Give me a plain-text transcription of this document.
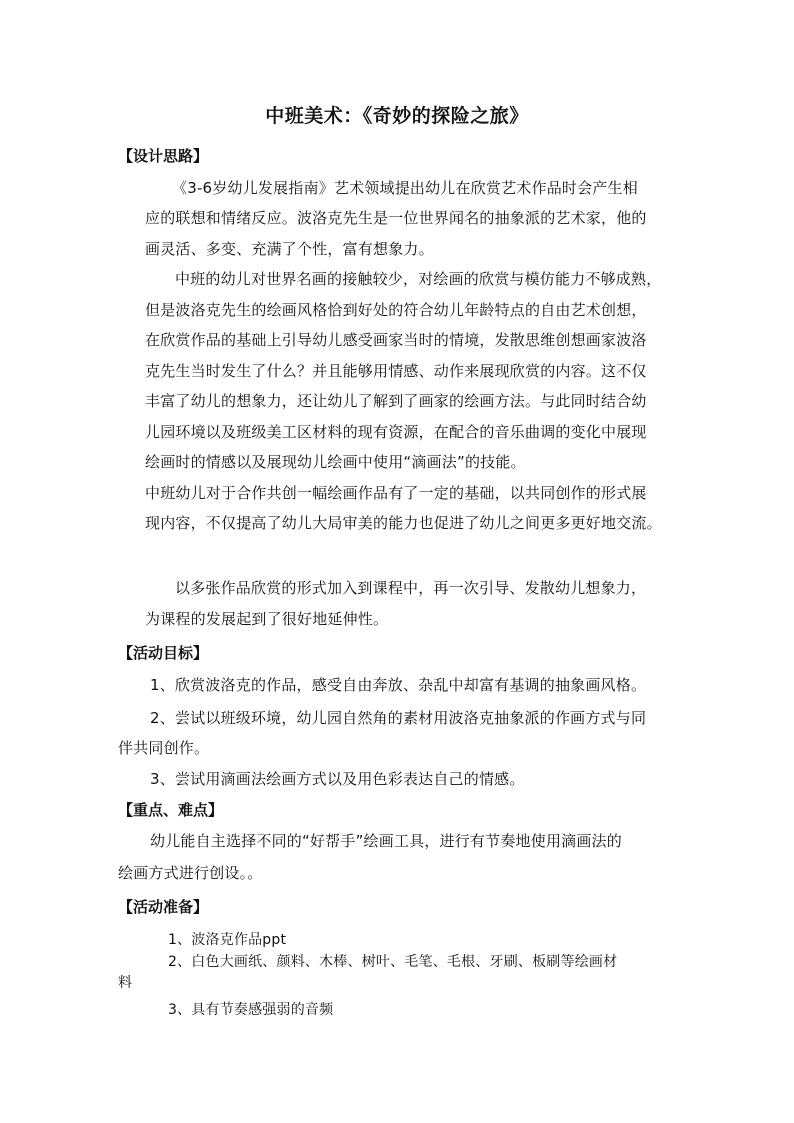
中班美术：《奇妙的探险之旅》
【设计思路】
《3-6岁幼儿发展指南》艺术领域提出幼儿在欣赏艺术作品时会产生相
应的联想和情绪反应。波洛克先生是一位世界闻名的抽象派的艺术家，他的
画灵活、多变、充满了个性，富有想象力。
中班的幼儿对世界名画的接触较少，对绘画的欣赏与模仿能力不够成熟，
但是波洛克先生的绘画风格恰到好处的符合幼儿年龄特点的自由艺术创想，
在欣赏作品的基础上引导幼儿感受画家当时的情境，发散思维创想画家波洛
克先生当时发生了什么？并且能够用情感、动作来展现欣赏的内容。这不仅
丰富了幼儿的想象力，还让幼儿了解到了画家的绘画方法。与此同时结合幼
儿园环境以及班级美工区材料的现有资源，在配合的音乐曲调的变化中展现
绘画时的情感以及展现幼儿绘画中使用“滴画法”的技能。
中班幼儿对于合作共创一幅绘画作品有了一定的基础，以共同创作的形式展
现内容，不仅提高了幼儿大局审美的能力也促进了幼儿之间更多更好地交流。
以多张作品欣赏的形式加入到课程中，再一次引导、发散幼儿想象力，
为课程的发展起到了很好地延伸性。
【活动目标】
1、欣赏波洛克的作品，感受自由奔放、杂乱中却富有基调的抽象画风格。
2、尝试以班级环境，幼儿园自然角的素材用波洛克抽象派的作画方式与同
伴共同创作。
3、尝试用滴画法绘画方式以及用色彩表达自己的情感。
【重点、难点】
幼儿能自主选择不同的“好帮手”绘画工具，进行有节奏地使用滴画法的
绘画方式进行创设。。
【活动准备】
1、波洛克作品ppt
2、白色大画纸、颜料、木棒、树叶、毛笔、毛根、牙刷、板刷等绘画材
料
3、具有节奏感强弱的音频
